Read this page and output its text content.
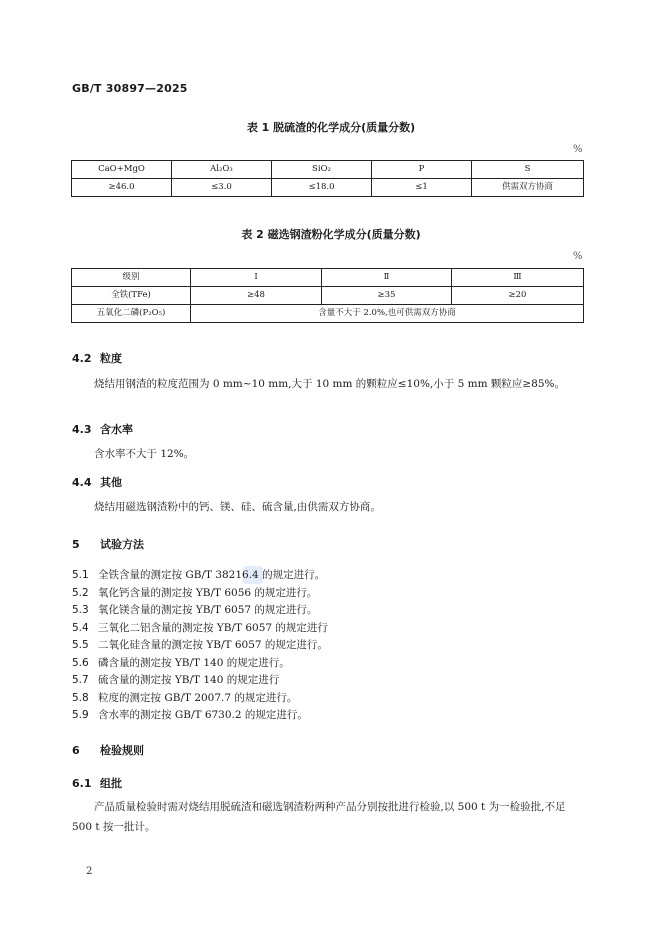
GB/T 30897—2025
表 1 脱硫渣的化学成分(质量分数)
%
CaO+MgO	Al₂O₃	SiO₂	P	S
≥46.0	≤3.0	≤18.0	≤1	供需双方协商
表 2 磁选钢渣粉化学成分(质量分数)
%
级别	Ⅰ	Ⅱ	Ⅲ
全铁(TFe)	≥48	≥35	≥20
五氧化二磷(P₂O₅)	含量不大于 2.0%,也可供需双方协商		
4.2 粒度
烧结用钢渣的粒度范围为 0 mm~10 mm,大于 10 mm 的颗粒应≤10%,小于 5 mm 颗粒应≥85%。
4.3 含水率
含水率不大于 12%。
4.4 其他
烧结用磁选钢渣粉中的钙、镁、硅、硫含量,由供需双方协商。
5 试验方法
5.1 全铁含量的测定按 GB/T 38216.4 的规定进行。
5.2 氧化钙含量的测定按 YB/T 6056 的规定进行。
5.3 氧化镁含量的测定按 YB/T 6057 的规定进行。
5.4 三氧化二铝含量的测定按 YB/T 6057 的规定进行
5.5 二氧化硅含量的测定按 YB/T 6057 的规定进行。
5.6 磷含量的测定按 YB/T 140 的规定进行。
5.7 硫含量的测定按 YB/T 140 的规定进行
5.8 粒度的测定按 GB/T 2007.7 的规定进行。
5.9 含水率的测定按 GB/T 6730.2 的规定进行。
6 检验规则
6.1 组批
产品质量检验时需对烧结用脱硫渣和磁选钢渣粉两种产品分别按批进行检验,以 500 t 为一检验批,不足 500 t 按一批计。
2
